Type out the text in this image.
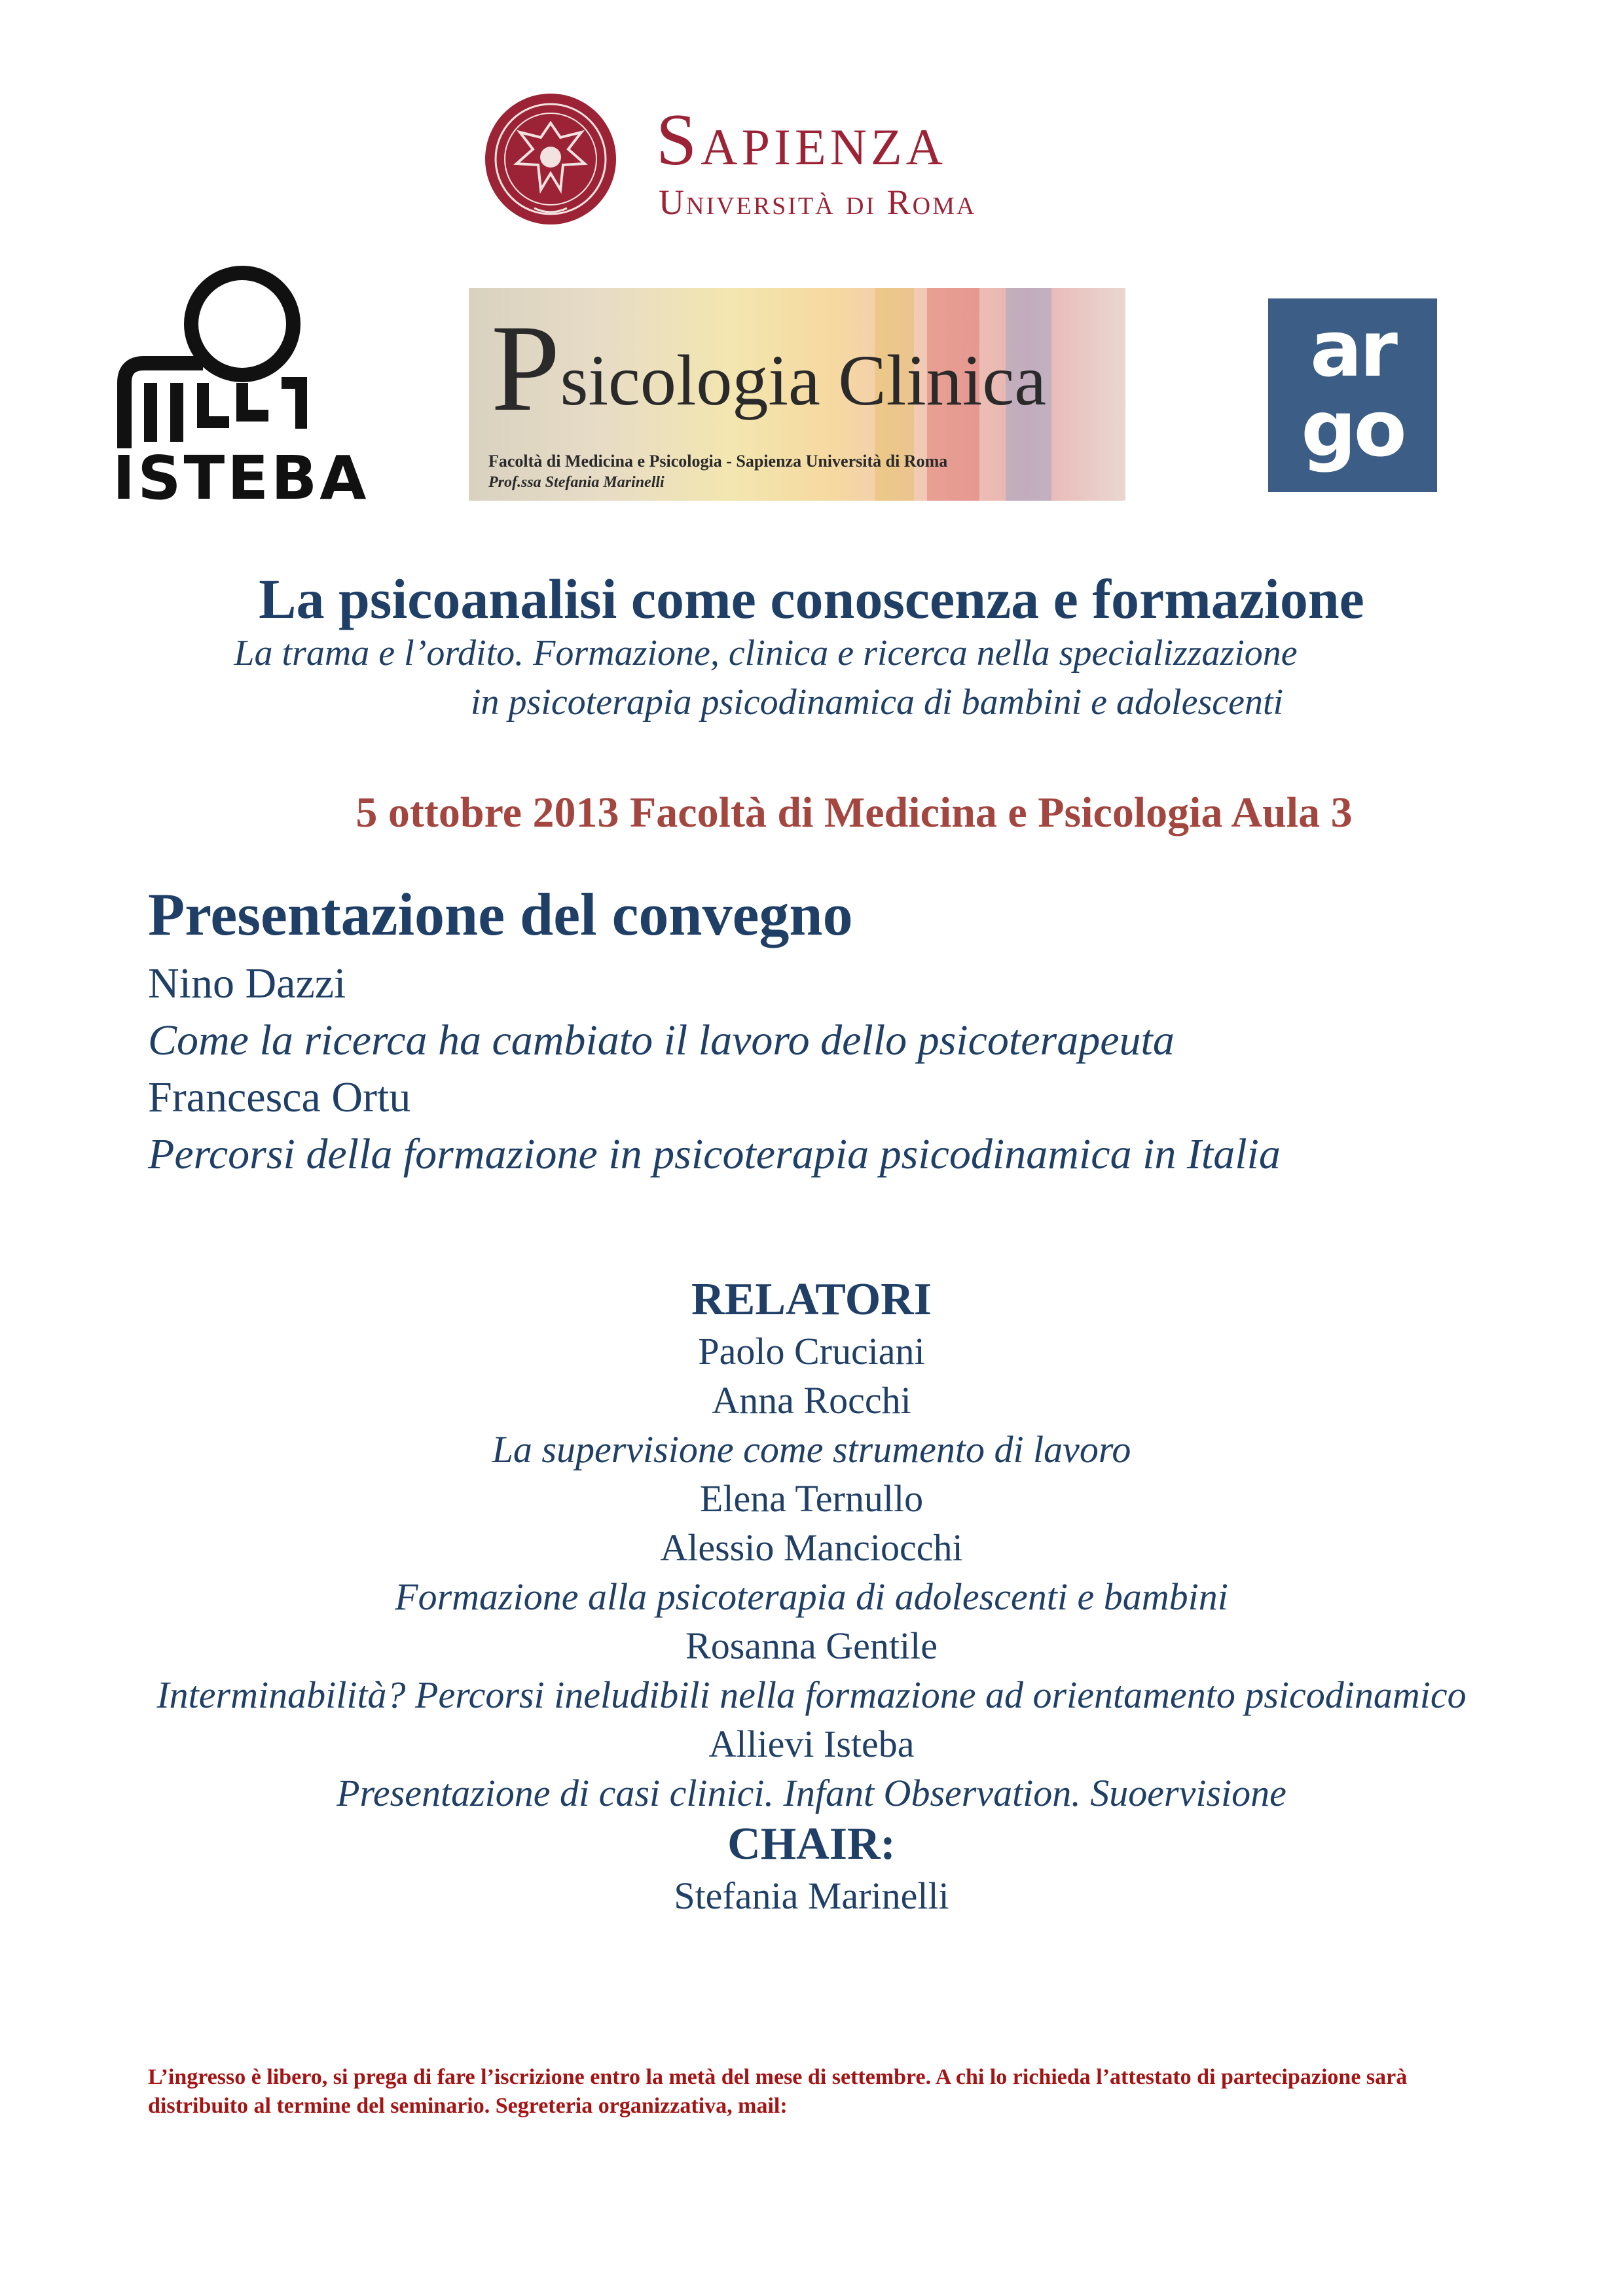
Sapienza
Università di Roma
ISTEBA
Psicologia Clinica
Facoltà di Medicina e Psicologia - Sapienza Università di Roma
Prof.ssa Stefania Marinelli
ar
go
La psicoanalisi come conoscenza e formazione
La trama e l’ordito. Formazione, clinica e ricerca nella specializzazione
in psicoterapia psicodinamica di bambini e adolescenti
5 ottobre 2013 Facoltà di Medicina e Psicologia Aula 3
Presentazione del convegno
Nino Dazzi
Come la ricerca ha cambiato il lavoro dello psicoterapeuta
Francesca Ortu
Percorsi della formazione in psicoterapia psicodinamica in Italia
RELATORI
Paolo Cruciani
Anna Rocchi
La supervisione come strumento di lavoro
Elena Ternullo
Alessio Manciocchi
Formazione alla psicoterapia di adolescenti e bambini
Rosanna Gentile
Interminabilità? Percorsi ineludibili nella formazione ad orientamento psicodinamico
Allievi Isteba
Presentazione di casi clinici. Infant Observation. Suoervisione
CHAIR:
Stefania Marinelli
L’ingresso è libero, si prega di fare l’iscrizione entro la metà del mese di settembre. A chi lo richieda l’attestato di partecipazione sarà distribuito al termine del seminario. Segreteria organizzativa, mail:
